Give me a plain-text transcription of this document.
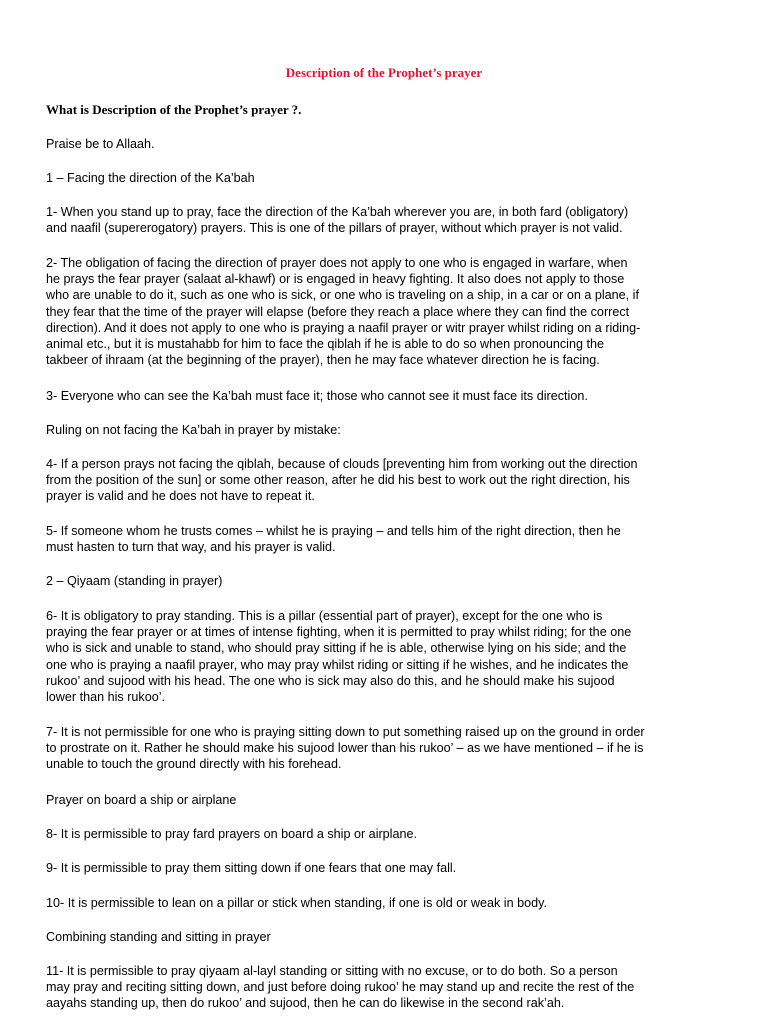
Description of the Prophet’s prayer
What is Description of the Prophet’s prayer ?.

Praise be to Allaah.

1 – Facing the direction of the Ka’bah

1- When you stand up to pray, face the direction of the Ka’bah wherever you are, in both fard (obligatory)
and naafil (supererogatory) prayers. This is one of the pillars of prayer, without which prayer is not valid.

2- The obligation of facing the direction of prayer does not apply to one who is engaged in warfare, when
he prays the fear prayer (salaat al-khawf) or is engaged in heavy fighting. It also does not apply to those
who are unable to do it, such as one who is sick, or one who is traveling on a ship, in a car or on a plane, if
they fear that the time of the prayer will elapse (before they reach a place where they can find the correct
direction). And it does not apply to one who is praying a naafil prayer or witr prayer whilst riding on a riding-
animal etc., but it is mustahabb for him to face the qiblah if he is able to do so when pronouncing the
takbeer of ihraam (at the beginning of the prayer), then he may face whatever direction he is facing.

3- Everyone who can see the Ka’bah must face it; those who cannot see it must face its direction.

Ruling on not facing the Ka’bah in prayer by mistake:

4- If a person prays not facing the qiblah, because of clouds [preventing him from working out the direction
from the position of the sun] or some other reason, after he did his best to work out the right direction, his
prayer is valid and he does not have to repeat it.

5- If someone whom he trusts comes – whilst he is praying – and tells him of the right direction, then he
must hasten to turn that way, and his prayer is valid.

2 – Qiyaam (standing in prayer)

6- It is obligatory to pray standing. This is a pillar (essential part of prayer), except for the one who is
praying the fear prayer or at times of intense fighting, when it is permitted to pray whilst riding; for the one
who is sick and unable to stand, who should pray sitting if he is able, otherwise lying on his side; and the
one who is praying a naafil prayer, who may pray whilst riding or sitting if he wishes, and he indicates the
rukoo’ and sujood with his head. The one who is sick may also do this, and he should make his sujood
lower than his rukoo’.

7- It is not permissible for one who is praying sitting down to put something raised up on the ground in order
to prostrate on it. Rather he should make his sujood lower than his rukoo’ – as we have mentioned – if he is
unable to touch the ground directly with his forehead.

Prayer on board a ship or airplane

8- It is permissible to pray fard prayers on board a ship or airplane.

9- It is permissible to pray them sitting down if one fears that one may fall.

10- It is permissible to lean on a pillar or stick when standing, if one is old or weak in body.

Combining standing and sitting in prayer

11- It is permissible to pray qiyaam al-layl standing or sitting with no excuse, or to do both. So a person
may pray and reciting sitting down, and just before doing rukoo’ he may stand up and recite the rest of the
aayahs standing up, then do rukoo’ and sujood, then he can do likewise in the second rak’ah.
